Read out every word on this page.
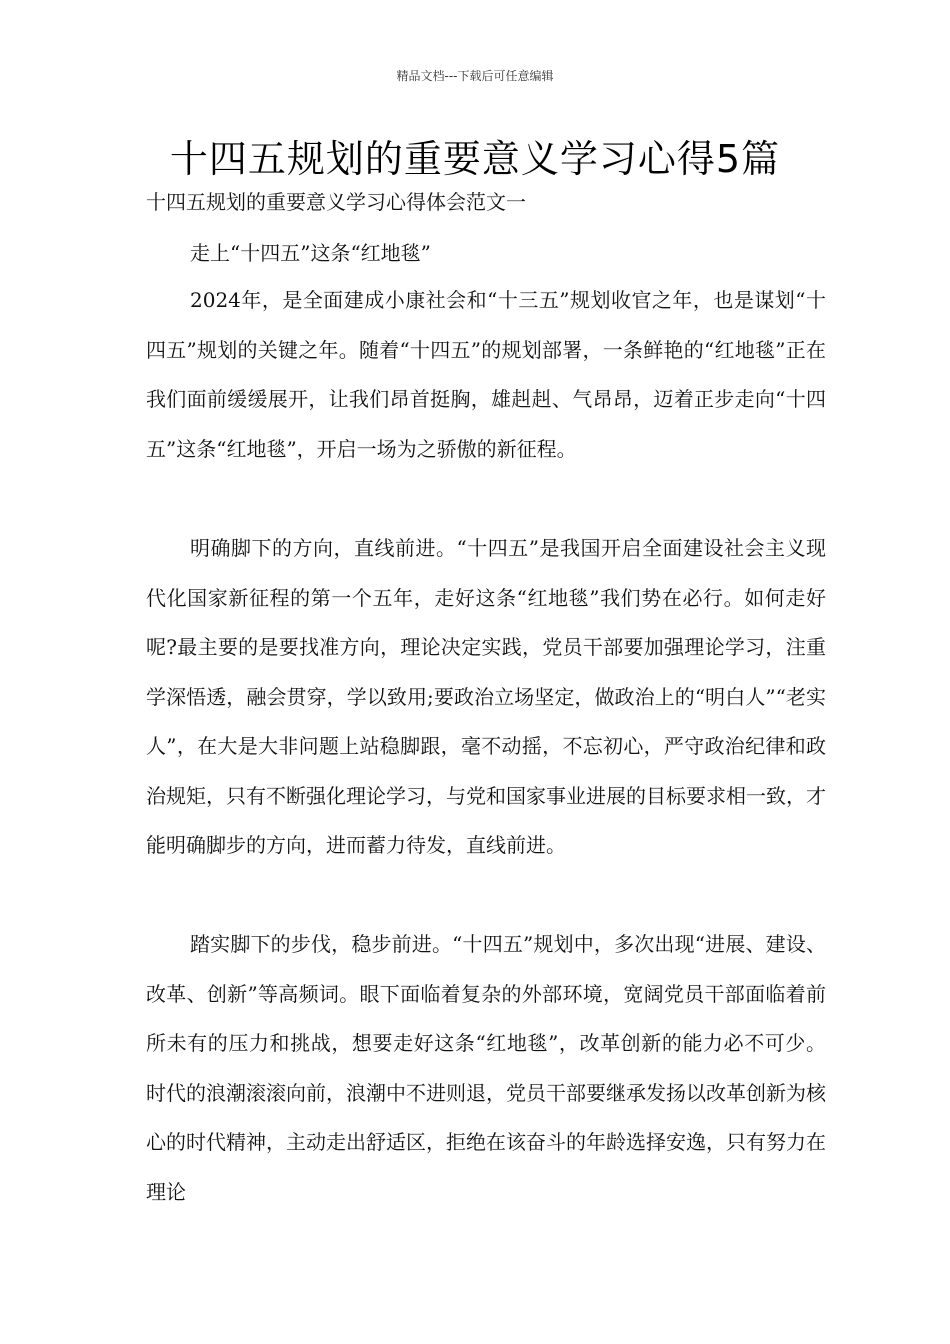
精品文档---下载后可任意编辑
十四五规划的重要意义学习心得5篇
十四五规划的重要意义学习心得体会范文一
走上“十四五”这条“红地毯”

2024年，是全面建成小康社会和“十三五”规划收官之年，也是谋划“十四五”规划的关键之年。随着“十四五”的规划部署，一条鲜艳的“红地毯”正在我们面前缓缓展开，让我们昂首挺胸，雄赳赳、气昂昂，迈着正步走向“十四五”这条“红地毯”，开启一场为之骄傲的新征程。

明确脚下的方向，直线前进。“十四五”是我国开启全面建设社会主义现代化国家新征程的第一个五年，走好这条“红地毯”我们势在必行。如何走好呢?最主要的是要找准方向，理论决定实践，党员干部要加强理论学习，注重学深悟透，融会贯穿，学以致用;要政治立场坚定，做政治上的“明白人”“老实人”，在大是大非问题上站稳脚跟，毫不动摇，不忘初心，严守政治纪律和政治规矩，只有不断强化理论学习，与党和国家事业进展的目标要求相一致，才能明确脚步的方向，进而蓄力待发，直线前进。

踏实脚下的步伐，稳步前进。“十四五”规划中，多次出现“进展、建设、改革、创新”等高频词。眼下面临着复杂的外部环境，宽阔党员干部面临着前所未有的压力和挑战，想要走好这条“红地毯”，改革创新的能力必不可少。时代的浪潮滚滚向前，浪潮中不进则退，党员干部要继承发扬以改革创新为核心的时代精神，主动走出舒适区，拒绝在该奋斗的年龄选择安逸，只有努力在理论
